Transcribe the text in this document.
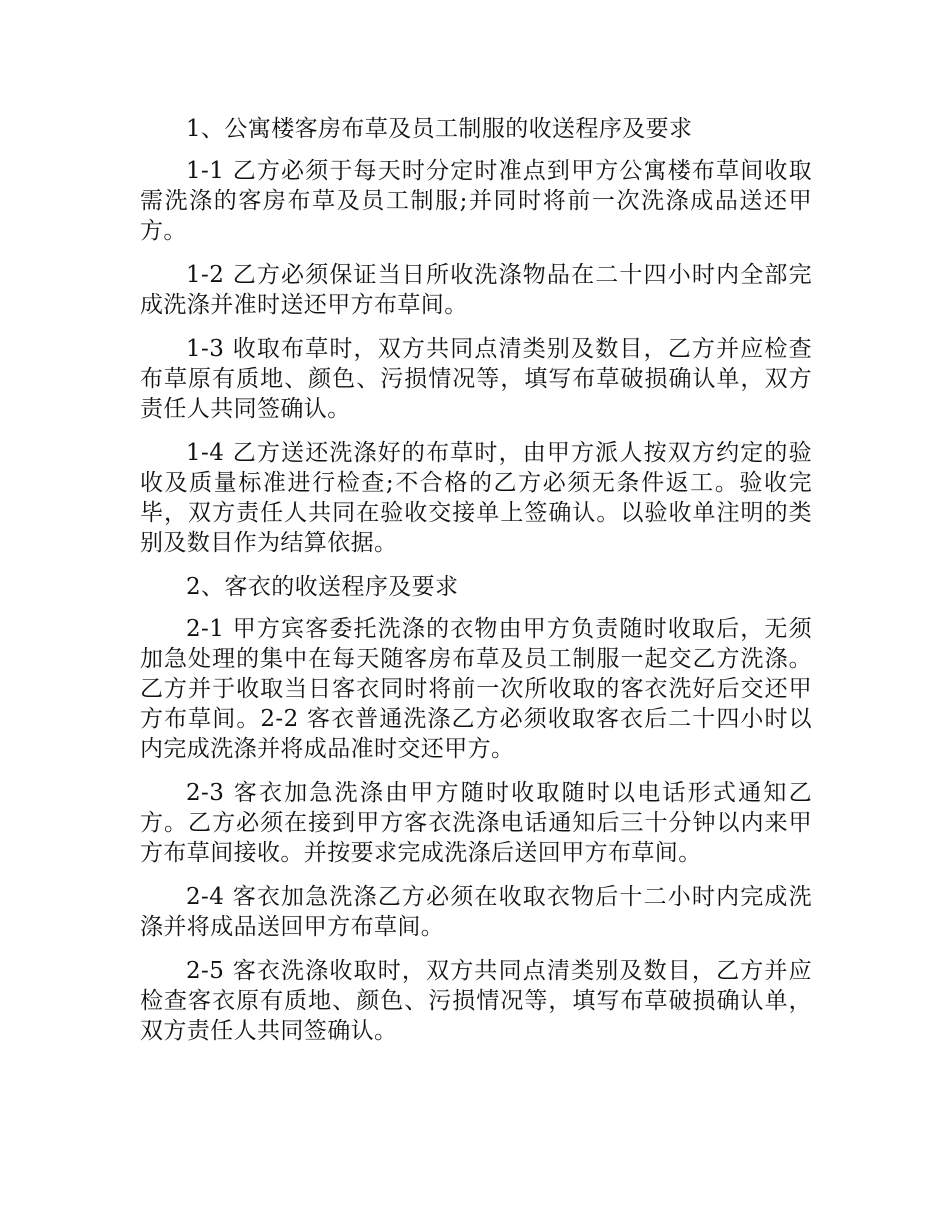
1、公寓楼客房布草及员工制服的收送程序及要求

1-1 乙方必须于每天时分定时准点到甲方公寓楼布草间收取需洗涤的客房布草及员工制服;并同时将前一次洗涤成品送还甲方。

1-2 乙方必须保证当日所收洗涤物品在二十四小时内全部完成洗涤并准时送还甲方布草间。

1-3 收取布草时，双方共同点清类别及数目，乙方并应检查布草原有质地、颜色、污损情况等，填写布草破损确认单，双方责任人共同签确认。

1-4 乙方送还洗涤好的布草时，由甲方派人按双方约定的验收及质量标准进行检查;不合格的乙方必须无条件返工。验收完毕，双方责任人共同在验收交接单上签确认。以验收单注明的类别及数目作为结算依据。

2、客衣的收送程序及要求

2-1 甲方宾客委托洗涤的衣物由甲方负责随时收取后，无须加急处理的集中在每天随客房布草及员工制服一起交乙方洗涤。乙方并于收取当日客衣同时将前一次所收取的客衣洗好后交还甲方布草间。2-2 客衣普通洗涤乙方必须收取客衣后二十四小时以内完成洗涤并将成品准时交还甲方。

2-3 客衣加急洗涤由甲方随时收取随时以电话形式通知乙方。乙方必须在接到甲方客衣洗涤电话通知后三十分钟以内来甲方布草间接收。并按要求完成洗涤后送回甲方布草间。

2-4 客衣加急洗涤乙方必须在收取衣物后十二小时内完成洗涤并将成品送回甲方布草间。

2-5 客衣洗涤收取时，双方共同点清类别及数目，乙方并应检查客衣原有质地、颜色、污损情况等，填写布草破损确认单，双方责任人共同签确认。
